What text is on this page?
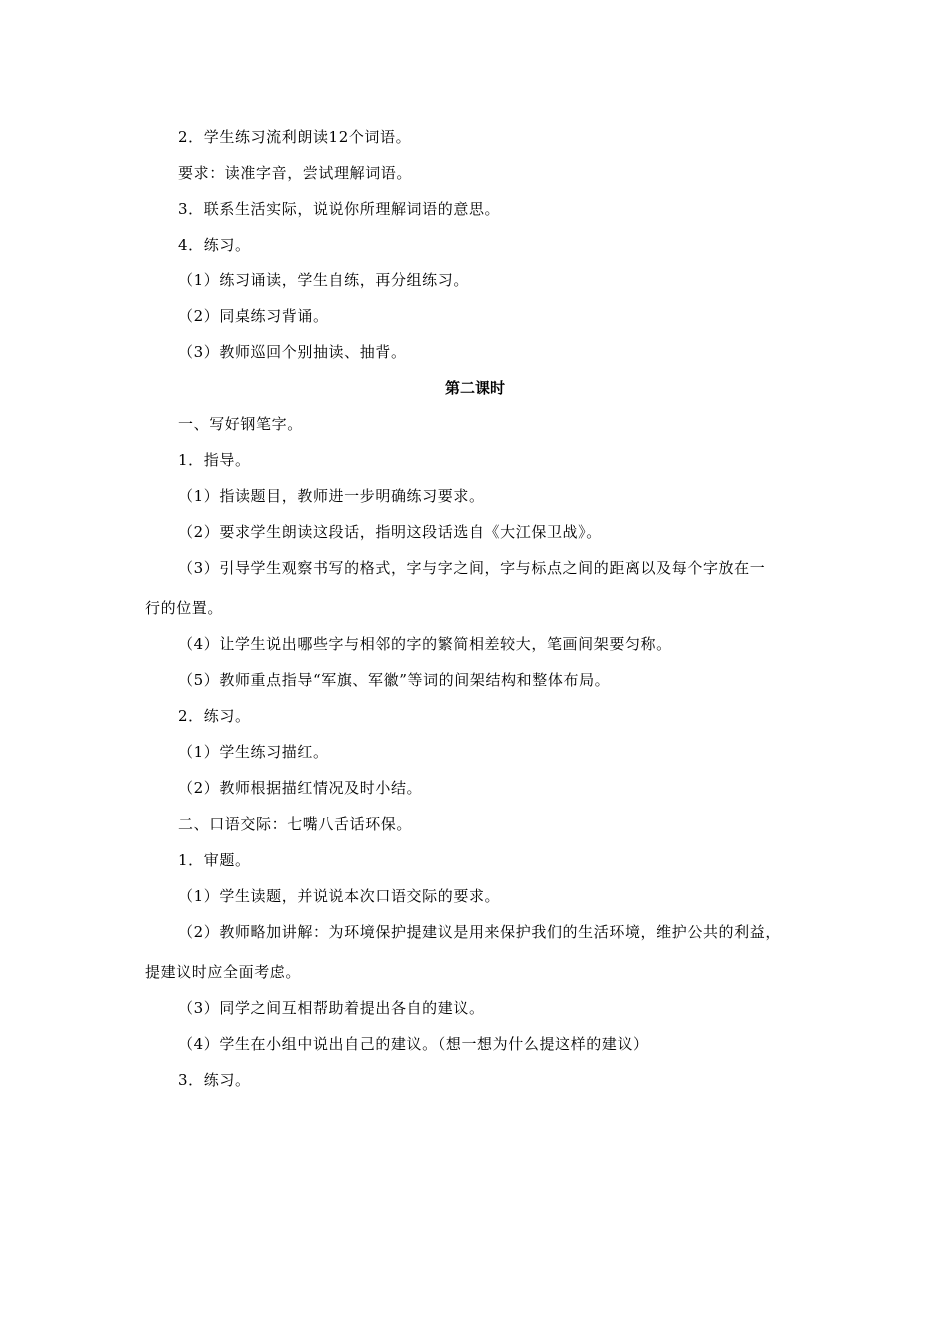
2．学生练习流利朗读12个词语。
要求：读准字音，尝试理解词语。
3．联系生活实际，说说你所理解词语的意思。
4．练习。
（1）练习诵读，学生自练，再分组练习。
（2）同桌练习背诵。
（3）教师巡回个别抽读、抽背。
第二课时
一、写好钢笔字。
1．指导。
（1）指读题目，教师进一步明确练习要求。
（2）要求学生朗读这段话，指明这段话选自《大江保卫战》。
（3）引导学生观察书写的格式，字与字之间，字与标点之间的距离以及每个字放在一
行的位置。
（4）让学生说出哪些字与相邻的字的繁简相差较大，笔画间架要匀称。
（5）教师重点指导“军旗、军徽”等词的间架结构和整体布局。
2．练习。
（1）学生练习描红。
（2）教师根据描红情况及时小结。
二、口语交际：七嘴八舌话环保。
1．审题。
（1）学生读题，并说说本次口语交际的要求。
（2）教师略加讲解：为环境保护提建议是用来保护我们的生活环境，维护公共的利益，
提建议时应全面考虑。
（3）同学之间互相帮助着提出各自的建议。
（4）学生在小组中说出自己的建议。（想一想为什么提这样的建议）
3．练习。
